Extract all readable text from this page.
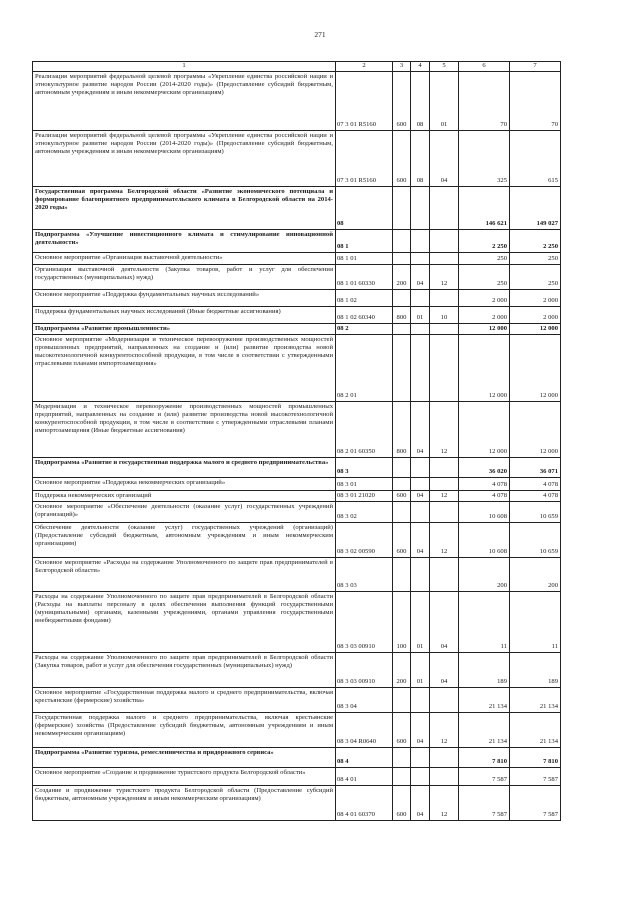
271
1	2	3	4	5	6	7
Реализация мероприятий федеральной целевой программы «Укрепление единства российской нации и этнокультурное развитие народов России (2014-2020 годы)» (Предоставление субсидий бюджетным, автономным учреждениям и иным некоммерческим организациям)	07 3 01 R5160	600	08	01	70	70
Реализация мероприятий федеральной целевой программы «Укрепление единства российской нации и этнокультурное развитие народов России (2014-2020 годы)» (Предоставление субсидий бюджетным, автономным учреждениям и иным некоммерческим организациям)	07 3 01 R5160	600	08	04	325	615
Государственная программа Белгородской области «Развитие экономического потенциала и формирование благоприятного предпринимательского климата в Белгородской области на 2014-2020 годы»	08				146 621	149 027
Подпрограмма «Улучшение инвестиционного климата и стимулирование инновационной деятельности»	08 1				2 250	2 250
Основное мероприятие «Организация выставочной деятельности»	08 1 01				250	250
Организация выставочной деятельности (Закупка товаров, работ и услуг для обеспечения государственных (муниципальных) нужд)	08 1 01 60330	200	04	12	250	250
Основное мероприятие «Поддержка фундаментальных научных исследований»	08 1 02				2 000	2 000
Поддержка фундаментальных научных исследований (Иные бюджетные ассигнования)	08 1 02 60340	800	01	10	2 000	2 000
Подпрограмма «Развитие промышленности»	08 2				12 000	12 000
Основное мероприятие «Модернизация и техническое перевооружение производственных мощностей промышленных предприятий, направленных на создание и (или) развитие производства новой высокотехнологичной конкурентоспособной продукции, в том числе в соответствии с утвержденными отраслевыми планами импортозамещения»	08 2 01				12 000	12 000
Модернизация и техническое перевооружение производственных мощностей промышленных предприятий, направленных на создание и (или) развитие производства новой высокотехнологичной конкурентоспособной продукции, в том числе в соответствии с утвержденными отраслевыми планами импортозамещения (Иные бюджетные ассигнования)	08 2 01 60350	800	04	12	12 000	12 000
Подпрограмма «Развитие и государственная поддержка малого и среднего предпринимательства»	08 3				36 020	36 071
Основное мероприятие «Поддержка некоммерческих организаций»	08 3 01				4 078	4 078
Поддержка некоммерческих организаций	08 3 01 21020	600	04	12	4 078	4 078
Основное мероприятие «Обеспечение деятельности (оказание услуг) государственных учреждений (организаций)»	08 3 02				10 608	10 659
Обеспечение деятельности (оказание услуг) государственных учреждений (организаций) (Предоставление субсидий бюджетным, автономным учреждениям и иным некоммерческим организациям)	08 3 02 00590	600	04	12	10 608	10 659
Основное мероприятие «Расходы на содержание Уполномоченного по защите прав предпринимателей в Белгородской области»	08 3 03				200	200
Расходы на содержание Уполномоченного по защите прав предпринимателей в Белгородской области (Расходы на выплаты персоналу в целях обеспечения выполнения функций государственными (муниципальными) органами, казенными учреждениями, органами управления государственными внебюджетными фондами)	08 3 03 00910	100	01	04	11	11
Расходы на содержание Уполномоченного по защите прав предпринимателей в Белгородской области (Закупка товаров, работ и услуг для обеспечения государственных (муниципальных) нужд)	08 3 03 00910	200	01	04	189	189
Основное мероприятие «Государственная поддержка малого и среднего предпринимательства, включая крестьянские (фермерские) хозяйства»	08 3 04				21 134	21 134
Государственная поддержка малого и среднего предпринимательства, включая крестьянские (фермерские) хозяйства (Предоставление субсидий бюджетным, автономным учреждениям и иным некоммерческим организациям)	08 3 04 R0640	600	04	12	21 134	21 134
Подпрограмма «Развитие туризма, ремесленничества и придорожного сервиса»	08 4				7 810	7 810
Основное мероприятие «Создание и продвижение туристского продукта Белгородской области»	08 4 01				7 587	7 587
Создание и продвижение туристского продукта Белгородской области (Предоставление субсидий бюджетным, автономным учреждениям и иным некоммерческим организациям)	08 4 01 60370	600	04	12	7 587	7 587
